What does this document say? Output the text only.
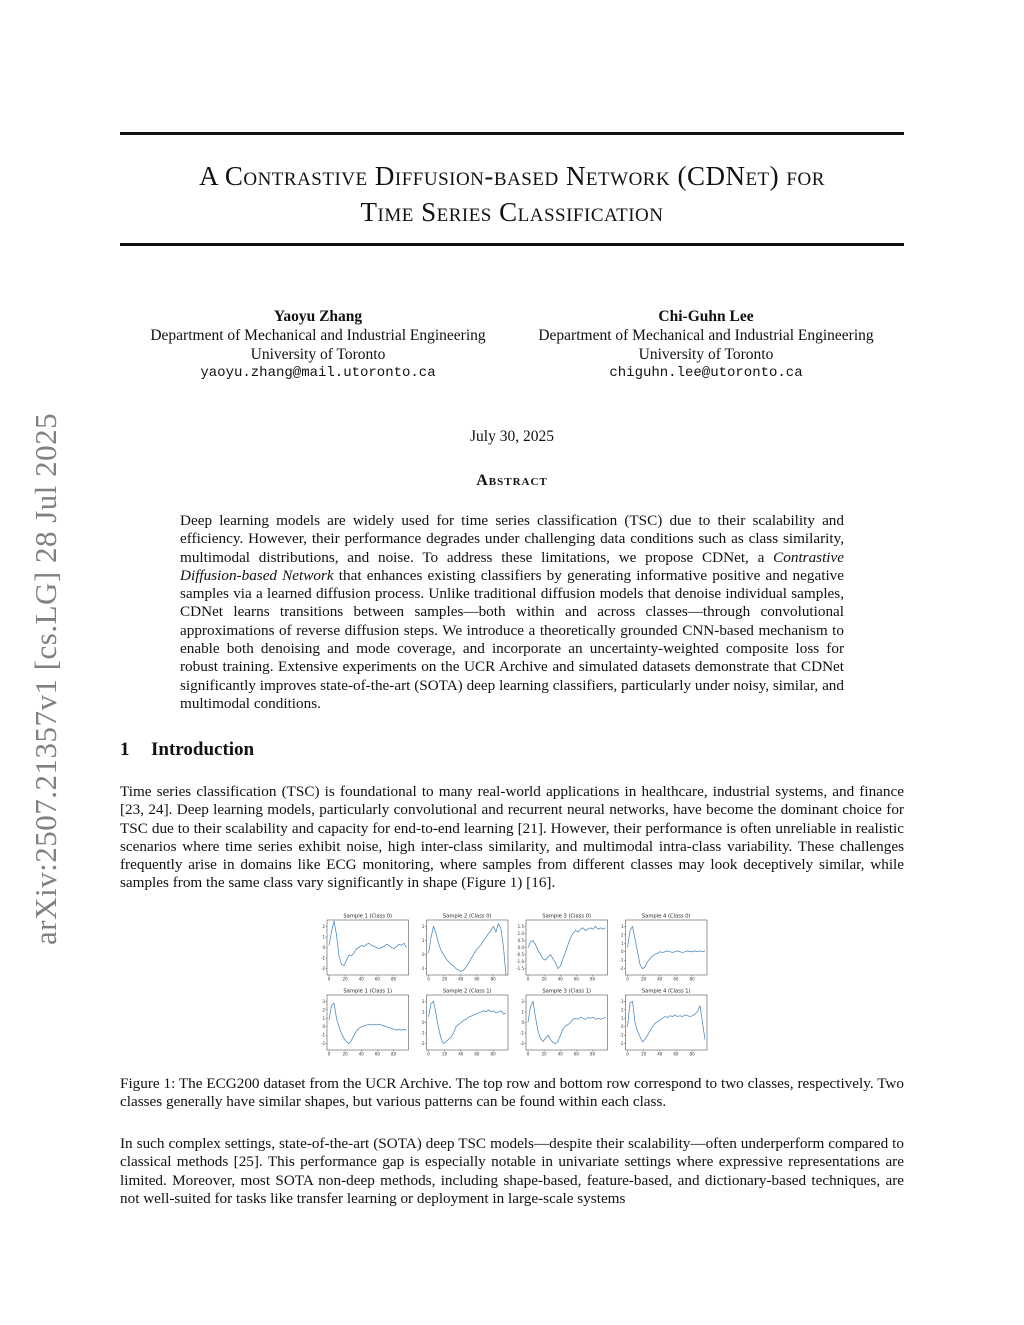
arXiv:2507.21357v1 [cs.LG] 28 Jul 2025
A Contrastive Diffusion-based Network (CDNet) for
Time Series Classification
Yaoyu Zhang
Department of Mechanical and Industrial Engineering
University of Toronto
yaoyu.zhang@mail.utoronto.ca
Chi-Guhn Lee
Department of Mechanical and Industrial Engineering
University of Toronto
chiguhn.lee@utoronto.ca
July 30, 2025
Abstract

Deep learning models are widely used for time series classification (TSC) due to their scalability and efficiency. However, their performance degrades under challenging data conditions such as class similarity, multimodal distributions, and noise. To address these limitations, we propose CDNet, a Contrastive Diffusion-based Network that enhances existing classifiers by generating informative positive and negative samples via a learned diffusion process. Unlike traditional diffusion models that denoise individual samples, CDNet learns transitions between samples—both within and across classes—through convolutional approximations of reverse diffusion steps. We introduce a theoretically grounded CNN-based mechanism to enable both denoising and mode coverage, and incorporate an uncertainty-weighted composite loss for robust training. Extensive experiments on the UCR Archive and simulated datasets demonstrate that CDNet significantly improves state-of-the-art (SOTA) deep learning classifiers, particularly under noisy, similar, and multimodal conditions.

1 Introduction

Time series classification (TSC) is foundational to many real-world applications in healthcare, industrial systems, and finance [23, 24]. Deep learning models, particularly convolutional and recurrent neural networks, have become the dominant choice for TSC due to their scalability and capacity for end-to-end learning [21]. However, their performance is often unreliable in realistic scenarios where time series exhibit noise, high inter-class similarity, and multimodal intra-class variability. These challenges frequently arise in domains like ECG monitoring, where samples from different classes may look deceptively similar, while samples from the same class vary significantly in shape (Figure 1) [16].

Sample 1 (Class 0)
2
1
0
-1
-2
0	20	40	60	80
Sample 2 (Class 0)
2
1
0
-1
0	20	40	60	80
Sample 3 (Class 0)
1.5
1.0
0.5
0.0
-0.5
-1.0
-1.5
0	20	40	60	80
Sample 4 (Class 0)
3
2
1
0
-1
-2
0	20	40	60	80
Sample 1 (Class 1)
3
2
1
0
-1
-2
0	20	40	60	80
Sample 2 (Class 1)
2
1
0
-1
-2
0	20	40	60	80
Sample 3 (Class 1)
2
1
0
-1
-2
0	20	40	60	80
Sample 4 (Class 1)
3
2
1
0
-1
-2
0	20	40	60	80

Figure 1: The ECG200 dataset from the UCR Archive. The top row and bottom row correspond to two classes, respectively. Two classes generally have similar shapes, but various patterns can be found within each class.

In such complex settings, state-of-the-art (SOTA) deep TSC models—despite their scalability—often underperform compared to classical methods [25]. This performance gap is especially notable in univariate settings where expressive representations are limited. Moreover, most SOTA non-deep methods, including shape-based, feature-based, and dictionary-based techniques, are not well-suited for tasks like transfer learning or deployment in large-scale systems
